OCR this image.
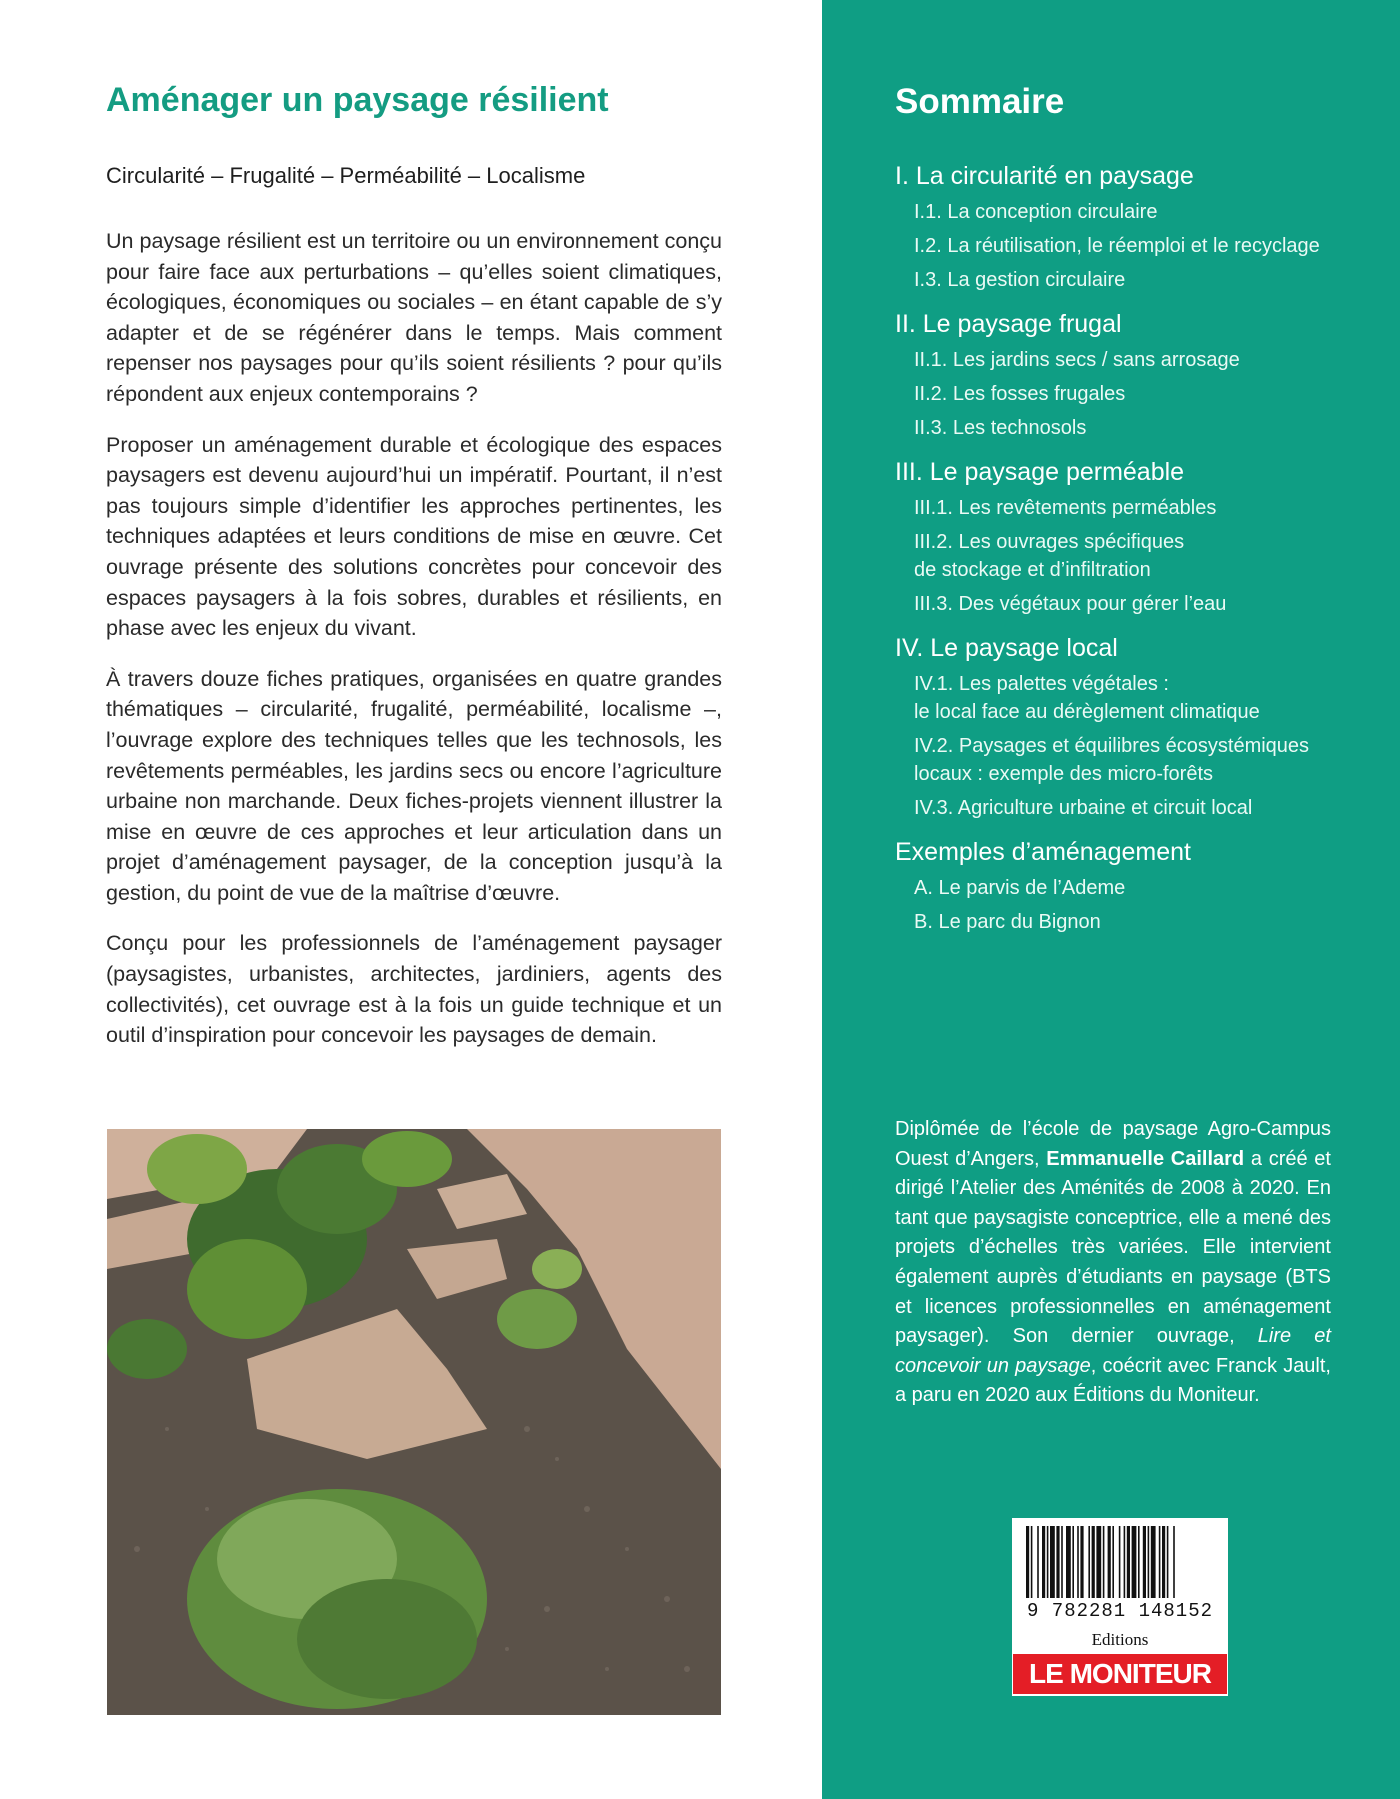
Aménager un paysage résilient
Circularité – Frugalité – Perméabilité – Localisme

Un paysage résilient est un territoire ou un environnement conçu pour faire face aux perturbations – qu’elles soient climatiques, écologiques, économiques ou sociales – en étant capable de s’y adapter et de se régénérer dans le temps. Mais comment repenser nos paysages pour qu’ils soient résilients ? pour qu’ils répondent aux enjeux contemporains ?

Proposer un aménagement durable et écologique des espaces paysagers est devenu aujourd’hui un impératif. Pourtant, il n’est pas toujours simple d’identifier les approches pertinentes, les techniques adaptées et leurs conditions de mise en œuvre. Cet ouvrage présente des solutions concrètes pour concevoir des espaces paysagers à la fois sobres, durables et résilients, en phase avec les enjeux du vivant.

À travers douze fiches pratiques, organisées en quatre grandes thématiques – circularité, frugalité, perméabilité, localisme –, l’ouvrage explore des techniques telles que les technosols, les revêtements perméables, les jardins secs ou encore l’agriculture urbaine non marchande. Deux fiches-projets viennent illustrer la mise en œuvre de ces approches et leur articulation dans un projet d’aménagement paysager, de la conception jusqu’à la gestion, du point de vue de la maîtrise d’œuvre.

Conçu pour les professionnels de l’aménagement paysager (paysagistes, urbanistes, architectes, jardiniers, agents des collectivités), cet ouvrage est à la fois un guide technique et un outil d’inspiration pour concevoir les paysages de demain.

Sommaire
I. La circularité en paysage
I.1. La conception circulaire
I.2. La réutilisation, le réemploi et le recyclage
I.3. La gestion circulaire
II. Le paysage frugal
II.1. Les jardins secs / sans arrosage
II.2. Les fosses frugales
II.3. Les technosols
III. Le paysage perméable
III.1. Les revêtements perméables
III.2. Les ouvrages spécifiques
de stockage et d’infiltration
III.3. Des végétaux pour gérer l’eau
IV. Le paysage local
IV.1. Les palettes végétales :
le local face au dérèglement climatique
IV.2. Paysages et équilibres écosystémiques
locaux : exemple des micro-forêts
IV.3. Agriculture urbaine et circuit local
Exemples d’aménagement
A. Le parvis de l’Ademe
B. Le parc du Bignon
Diplômée de l’école de paysage Agro-Campus Ouest d’Angers, Emmanuelle Caillard a créé et dirigé l’Atelier des Aménités de 2008 à 2020. En tant que paysagiste conceptrice, elle a mené des projets d’échelles très variées. Elle intervient également auprès d’étudiants en paysage (BTS et licences professionnelles en aménagement paysager). Son dernier ouvrage, Lire et concevoir un paysage, coécrit avec Franck Jault, a paru en 2020 aux Éditions du Moniteur.
9 782281 148152
Editions
LE MONITEUR
